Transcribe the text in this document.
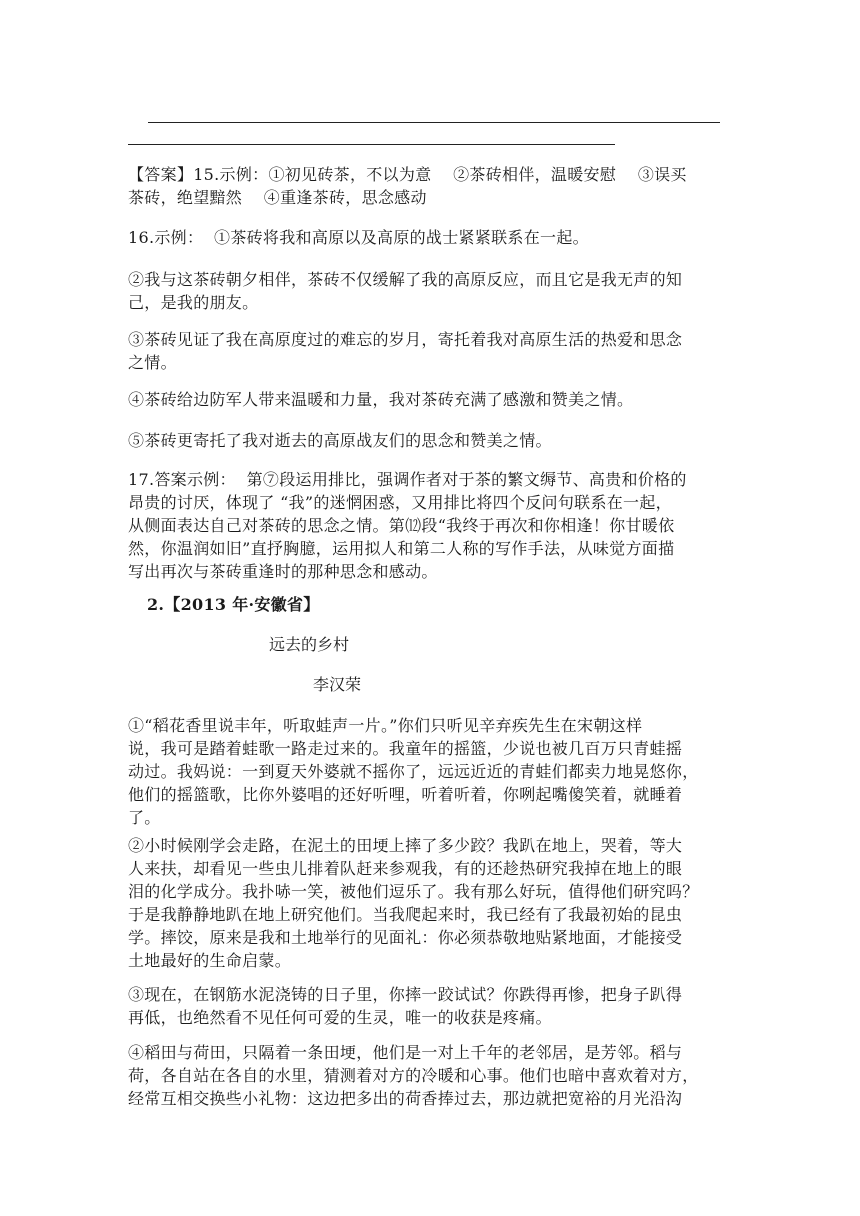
【答案】15.示例：①初见砖茶，不以为意　 ②茶砖相伴，温暖安慰　 ③误买
茶砖，绝望黯然　 ④重逢茶砖，思念感动

16.示例：  ①茶砖将我和高原以及高原的战士紧紧联系在一起。

②我与这茶砖朝夕相伴，茶砖不仅缓解了我的高原反应，而且它是我无声的知
己，是我的朋友。

③茶砖见证了我在高原度过的难忘的岁月，寄托着我对高原生活的热爱和思念
之情。

④茶砖给边防军人带来温暖和力量，我对茶砖充满了感激和赞美之情。

⑤茶砖更寄托了我对逝去的高原战友们的思念和赞美之情。

17.答案示例：  第⑦段运用排比，强调作者对于茶的繁文缛节、高贵和价格的
昂贵的讨厌，体现了 “我”的迷惘困惑，又用排比将四个反问句联系在一起，
从侧面表达自己对茶砖的思念之情。第⑿段“我终于再次和你相逢！你甘暖依
然，你温润如旧”直抒胸臆，运用拟人和第二人称的写作手法，从味觉方面描
写出再次与茶砖重逢时的那种思念和感动。

2.【2013 年·安徽省】

远去的乡村

李汉荣

①“稻花香里说丰年，听取蛙声一片。”你们只听见辛弃疾先生在宋朝这样
说，我可是踏着蛙歌一路走过来的。我童年的摇篮，少说也被几百万只青蛙摇
动过。我妈说：一到夏天外婆就不摇你了，远远近近的青蛙们都卖力地晃悠你，
他们的摇篮歌，比你外婆唱的还好听哩，听着听着，你咧起嘴傻笑着，就睡着
了。

②小时候刚学会走路，在泥土的田埂上摔了多少跤？我趴在地上，哭着，等大
人来扶，却看见一些虫儿排着队赶来参观我，有的还趁热研究我掉在地上的眼
泪的化学成分。我扑哧一笑，被他们逗乐了。我有那么好玩，值得他们研究吗？
于是我静静地趴在地上研究他们。当我爬起来时，我已经有了我最初始的昆虫
学。摔饺，原来是我和土地举行的见面礼：你必须恭敬地贴紧地面，才能接受
土地最好的生命启蒙。

③现在，在钢筋水泥浇铸的日子里，你摔一跤试试？你跌得再惨，把身子趴得
再低，也绝然看不见任何可爱的生灵，唯一的收获是疼痛。

④稻田与荷田，只隔着一条田埂，他们是一对上千年的老邻居，是芳邻。稻与
荷，各自站在各自的水里，猜测着对方的冷暖和心事。他们也暗中喜欢着对方，
经常互相交换些小礼物：这边把多出的荷香捧过去，那边就把宽裕的月光沿沟
